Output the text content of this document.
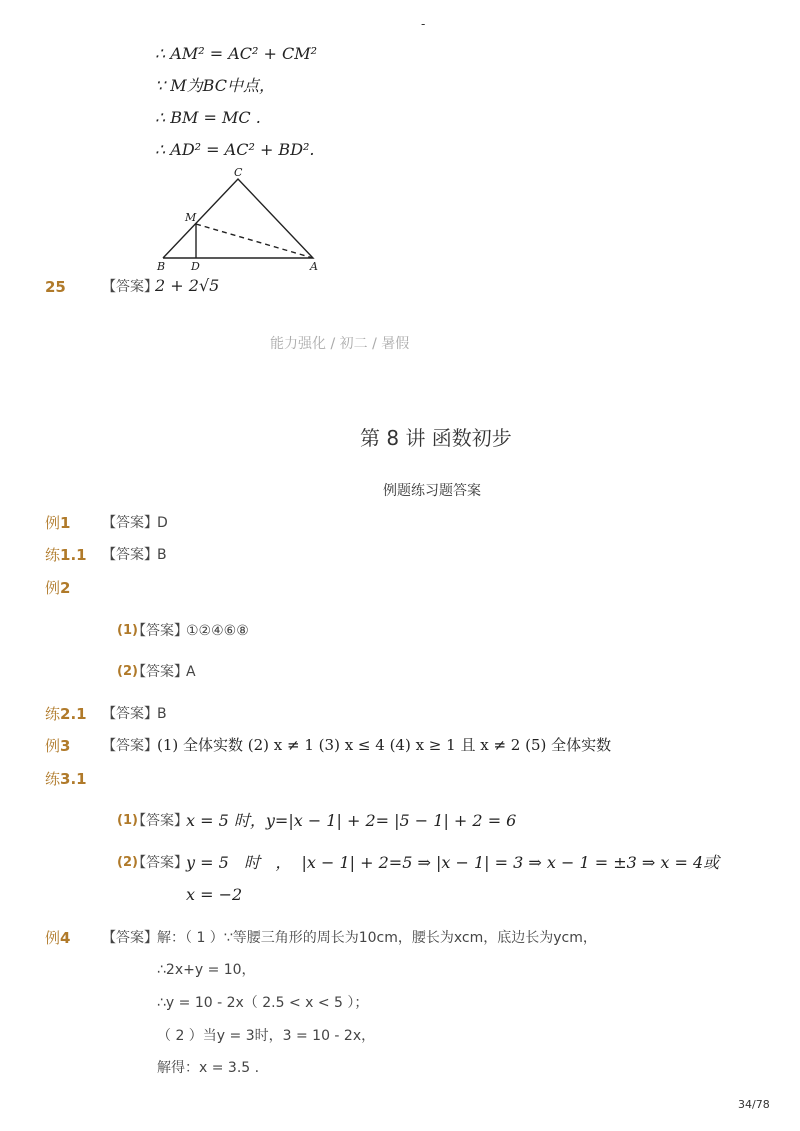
-
∴ AM² = AC² + CM²
∵ M为BC中点，
∴ BM = MC .
∴ AD² = AC² + BD².
C
M
B D	A
25	【答案】
2 + 2√5
能力强化 / 初二 / 暑假
第 8 讲 函数初步
例题练习题答案
例1 【答案】 D
练1.1 【答案】 B
例2
(1)
【答案】
①②④⑥⑧
(2)
【答案】
A
练2.1 【答案】 B
例3 【答案】 (1) 全体实数 (2) x ≠ 1 (3) x ≤ 4 (4) x ≥ 1 且 x ≠ 2 (5) 全体实数
练3.1
(1)
【答案】
x = 5 时，y=|x − 1| + 2= |5 − 1| + 2 = 6
(2)
【答案】
y = 5   时   ，  |x − 1| + 2=5 ⇒ |x − 1| = 3 ⇒ x − 1 = ±3 ⇒ x = 4或
x = −2
例4 【答案】 解：（ 1 ）∵等腰三角形的周长为10cm，腰长为xcm，底边长为ycm，
∴2x+y = 10，
∴y = 10 - 2x（ 2.5 < x < 5 ）；
（ 2 ）当y = 3时，3 = 10 - 2x，
解得：x = 3.5 .
34/78
